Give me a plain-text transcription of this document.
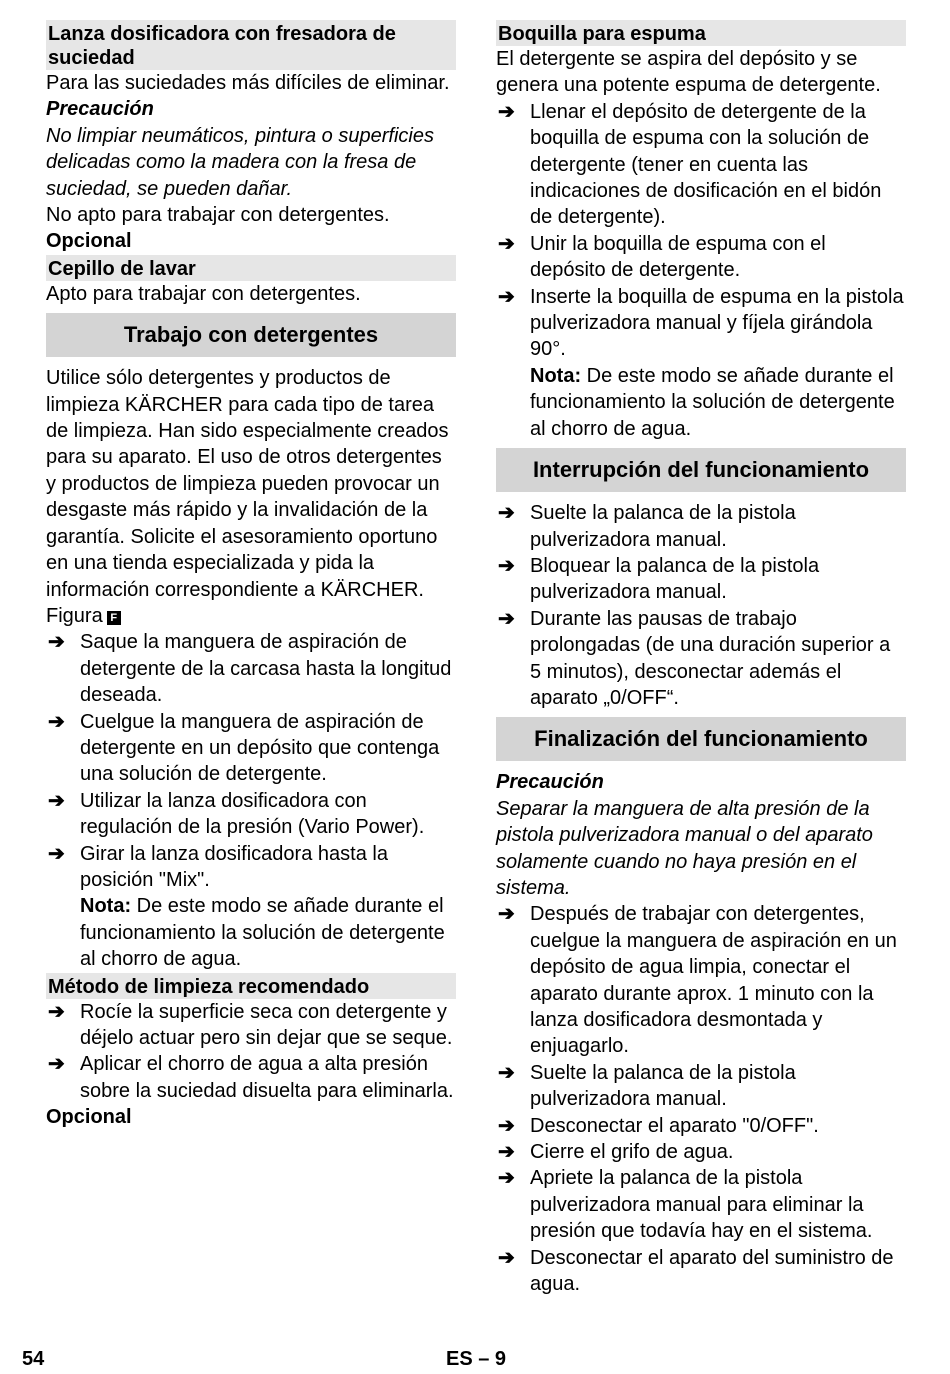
Lanza dosificadora con fresadora de suciedad

Para las suciedades más difíciles de eliminar.

Precaución

No limpiar neumáticos, pintura o superficies delicadas como la madera con la fresa de suciedad, se pueden dañar.

No apto para trabajar con detergentes.

Opcional

Cepillo de lavar

Apto para trabajar con detergentes.

Trabajo con detergentes

Utilice sólo detergentes y productos de limpieza KÄRCHER para cada tipo de tarea de limpieza. Han sido especialmente creados para su aparato. El uso de otros detergentes y productos de limpieza pueden provocar un desgaste más rápido y la invalidación de la garantía. Solicite el asesoramiento oportuno en una tienda especializada y pida la información correspondiente a KÄRCHER.

Figura F

➔ Saque la manguera de aspiración de detergente de la carcasa hasta la longitud deseada.
➔ Cuelgue la manguera de aspiración de detergente en un depósito que contenga una solución de detergente.
➔ Utilizar la lanza dosificadora con regulación de la presión (Vario Power).
➔ Girar la lanza dosificadora hasta la posición "Mix".

Nota: De este modo se añade durante el funcionamiento la solución de detergente al chorro de agua.

Método de limpieza recomendado

➔ Rocíe la superficie seca con detergente y déjelo actuar pero sin dejar que se seque.
➔ Aplicar el chorro de agua a alta presión sobre la suciedad disuelta para eliminarla.

Opcional

Boquilla para espuma

El detergente se aspira del depósito y se genera una potente espuma de detergente.

➔ Llenar el depósito de detergente de la boquilla de espuma con la solución de detergente (tener en cuenta las indicaciones de dosificación en el bidón de detergente).
➔ Unir la boquilla de espuma con el depósito de detergente.
➔ Inserte la boquilla de espuma en la pistola pulverizadora manual y fíjela girándola 90°.

Nota: De este modo se añade durante el funcionamiento la solución de detergente al chorro de agua.

Interrupción del funcionamiento
➔ Suelte la palanca de la pistola pulverizadora manual.
➔ Bloquear la palanca de la pistola pulverizadora manual.
➔ Durante las pausas de trabajo prolongadas (de una duración superior a 5 minutos), desconectar además el aparato „0/OFF“.
Finalización del funcionamiento

Precaución

Separar la manguera de alta presión de la pistola pulverizadora manual o del aparato solamente cuando no haya presión en el sistema.

➔ Después de trabajar con detergentes, cuelgue la manguera de aspiración en un depósito de agua limpia, conectar el aparato durante aprox. 1 minuto con la lanza dosificadora desmontada y enjuagarlo.
➔ Suelte la palanca de la pistola pulverizadora manual.
➔ Desconectar el aparato "0/OFF".
➔ Cierre el grifo de agua.
➔ Apriete la palanca de la pistola pulverizadora manual para eliminar la presión que todavía hay en el sistema.
➔ Desconectar el aparato del suministro de agua.
54	ES – 9
